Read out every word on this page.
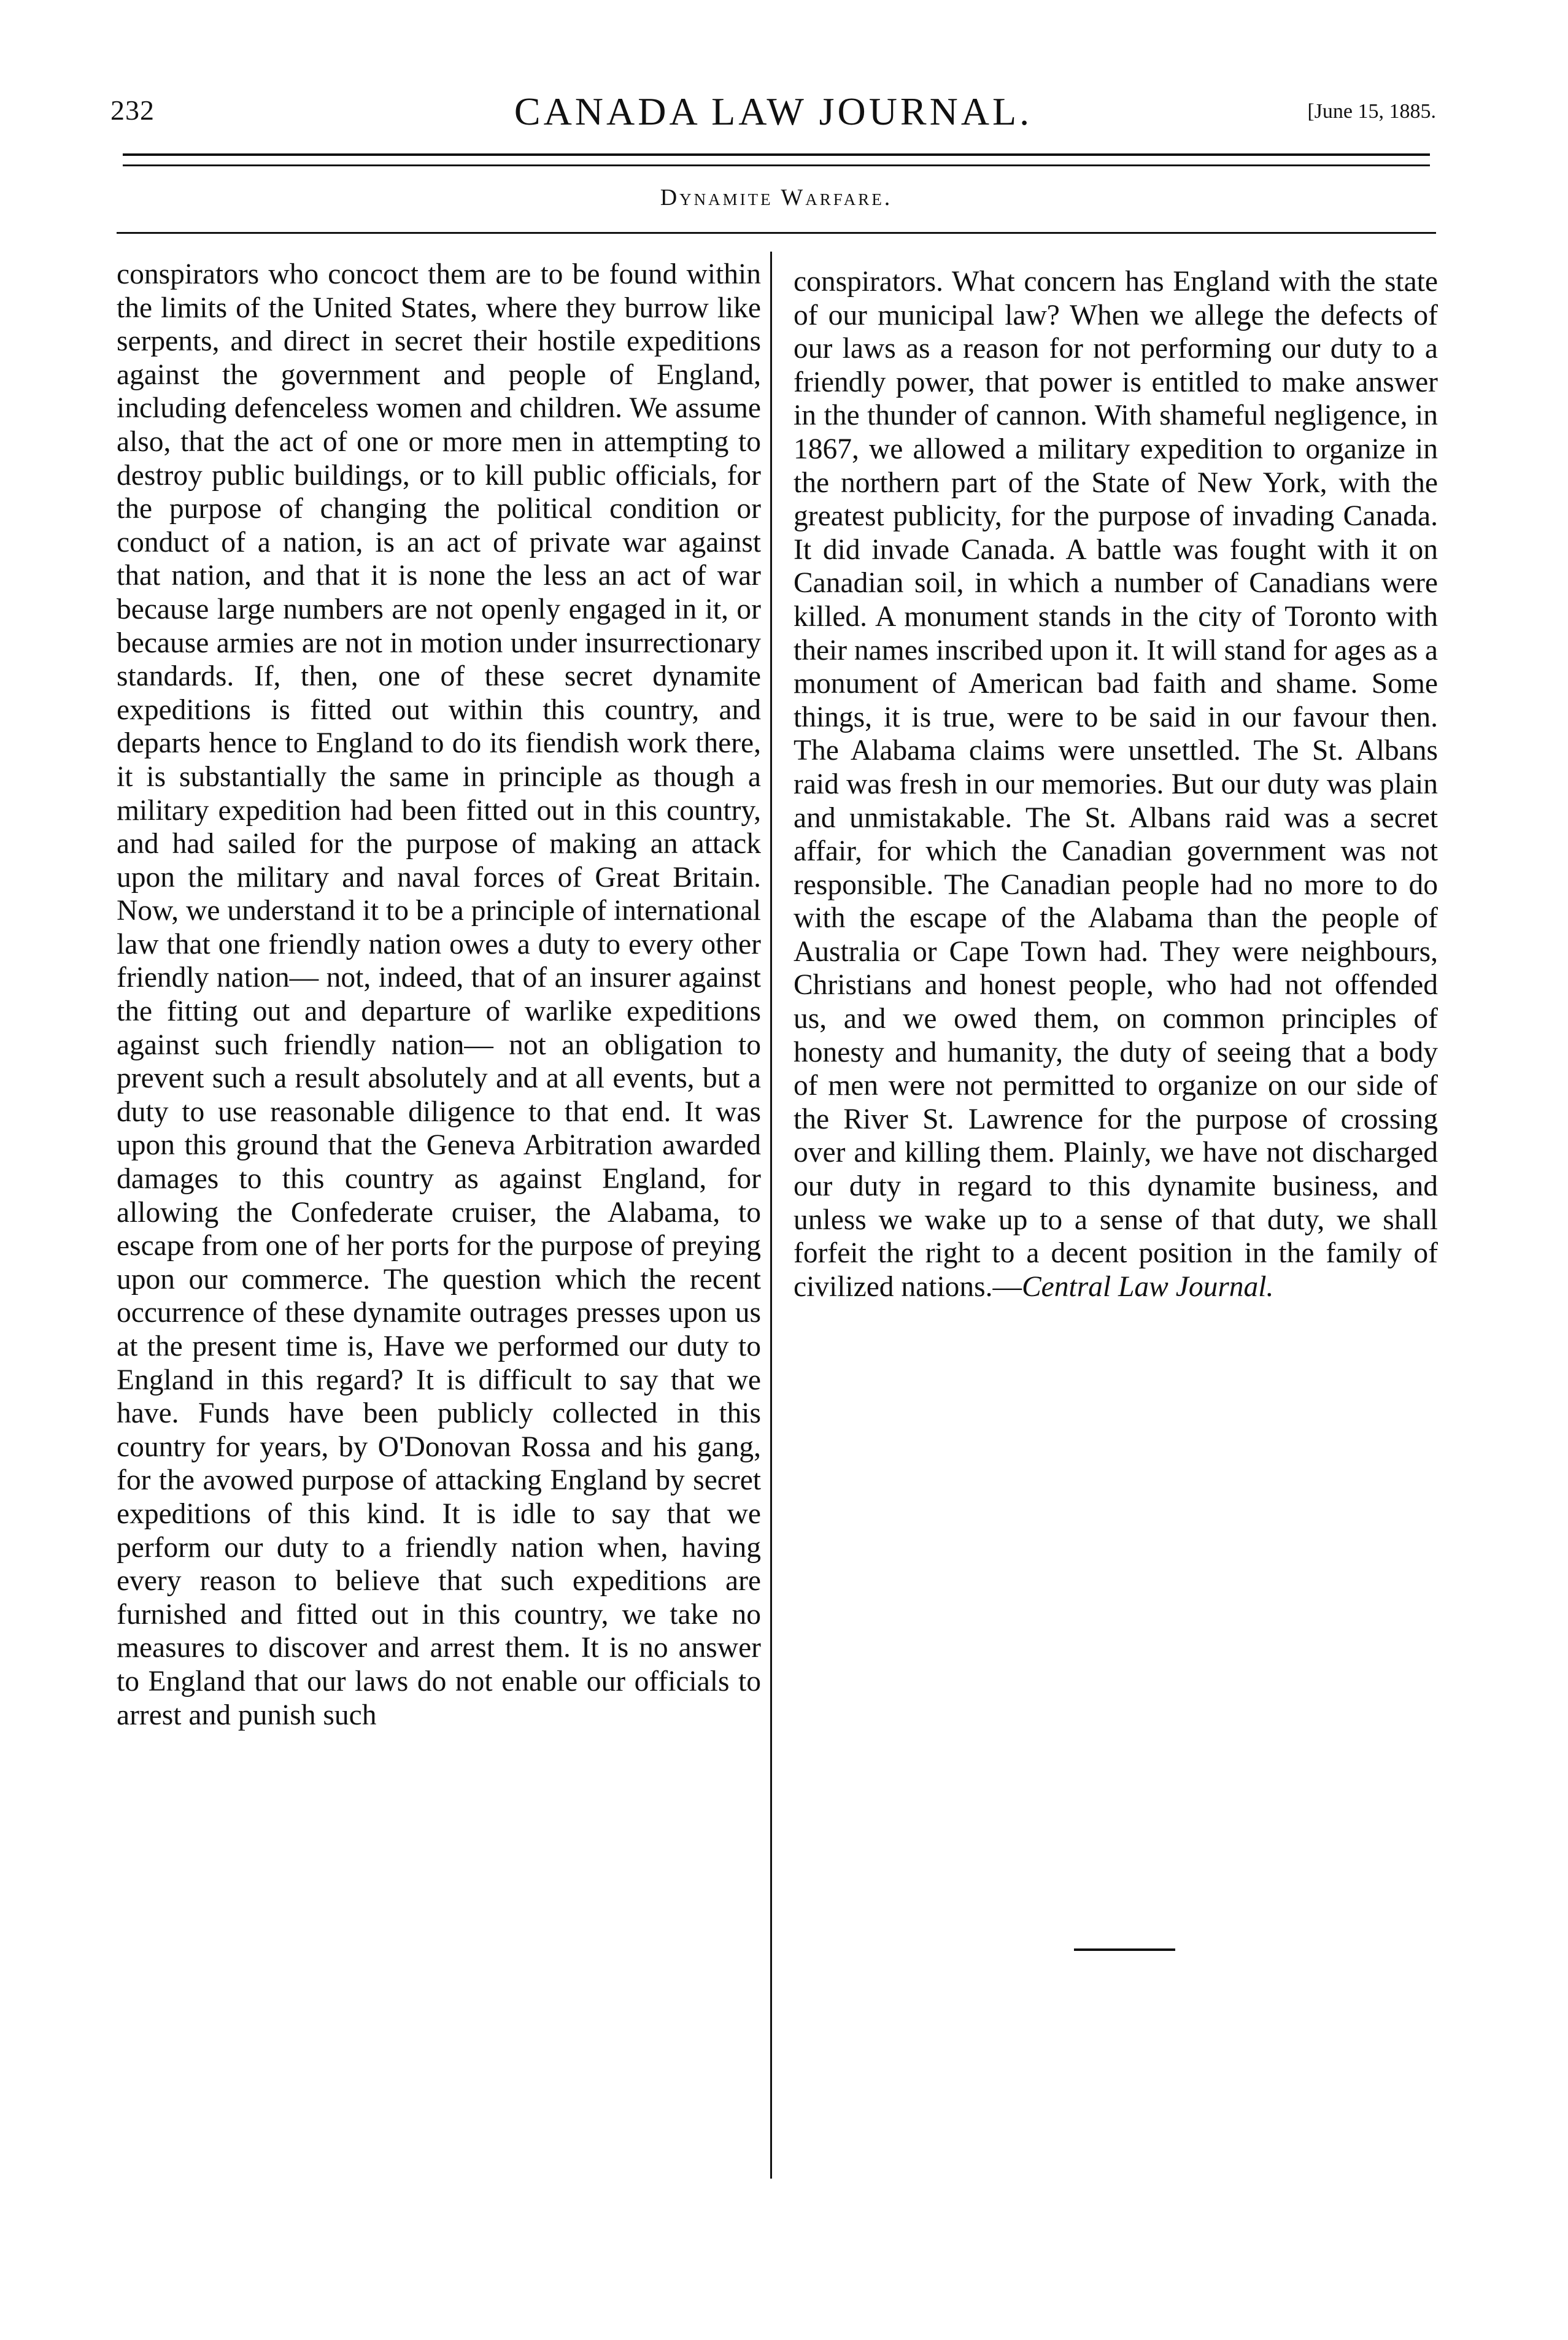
232	CANADA LAW JOURNAL.	[June 15, 1885.
Dynamite Warfare.

conspirators who concoct them are to be found within the limits of the United States, where they burrow like serpents, and direct in secret their hostile expeditions against the government and people of England, including defenceless women and children. We assume also, that the act of one or more men in attempting to destroy public buildings, or to kill public officials, for the purpose of changing the political condition or conduct of a nation, is an act of private war against that nation, and that it is none the less an act of war because large numbers are not openly engaged in it, or because armies are not in motion under insurrectionary standards. If, then, one of these secret dynamite expeditions is fitted out within this country, and departs hence to England to do its fiendish work there, it is substantially the same in principle as though a military expedition had been fitted out in this country, and had sailed for the purpose of making an attack upon the military and naval forces of Great Britain. Now, we understand it to be a principle of international law that one friendly nation owes a duty to every other friendly nation— not, indeed, that of an insurer against the fitting out and departure of warlike expeditions against such friendly nation— not an obligation to prevent such a result absolutely and at all events, but a duty to use reasonable diligence to that end. It was upon this ground that the Geneva Arbitration awarded damages to this country as against England, for allowing the Confederate cruiser, the Alabama, to escape from one of her ports for the purpose of preying upon our commerce. The question which the recent occurrence of these dynamite outrages presses upon us at the present time is, Have we performed our duty to England in this regard? It is difficult to say that we have. Funds have been publicly collected in this country for years, by O'Donovan Rossa and his gang, for the avowed purpose of attacking England by secret expeditions of this kind. It is idle to say that we perform our duty to a friendly nation when, having every reason to believe that such expeditions are furnished and fitted out in this country, we take no measures to discover and arrest them. It is no answer to England that our laws do not enable our officials to arrest and punish such

conspirators. What concern has England with the state of our municipal law? When we allege the defects of our laws as a reason for not performing our duty to a friendly power, that power is entitled to make answer in the thunder of cannon. With shameful negligence, in 1867, we allowed a military expedition to organize in the northern part of the State of New York, with the greatest publicity, for the purpose of invading Canada. It did invade Canada. A battle was fought with it on Canadian soil, in which a number of Canadians were killed. A monument stands in the city of Toronto with their names inscribed upon it. It will stand for ages as a monument of American bad faith and shame. Some things, it is true, were to be said in our favour then. The Alabama claims were unsettled. The St. Albans raid was fresh in our memories. But our duty was plain and unmistakable. The St. Albans raid was a secret affair, for which the Canadian government was not responsible. The Canadian people had no more to do with the escape of the Alabama than the people of Australia or Cape Town had. They were neighbours, Christians and honest people, who had not offended us, and we owed them, on common principles of honesty and humanity, the duty of seeing that a body of men were not permitted to organize on our side of the River St. Lawrence for the purpose of crossing over and killing them. Plainly, we have not discharged our duty in regard to this dynamite business, and unless we wake up to a sense of that duty, we shall forfeit the right to a decent position in the family of civilized nations.—Central Law Journal.
